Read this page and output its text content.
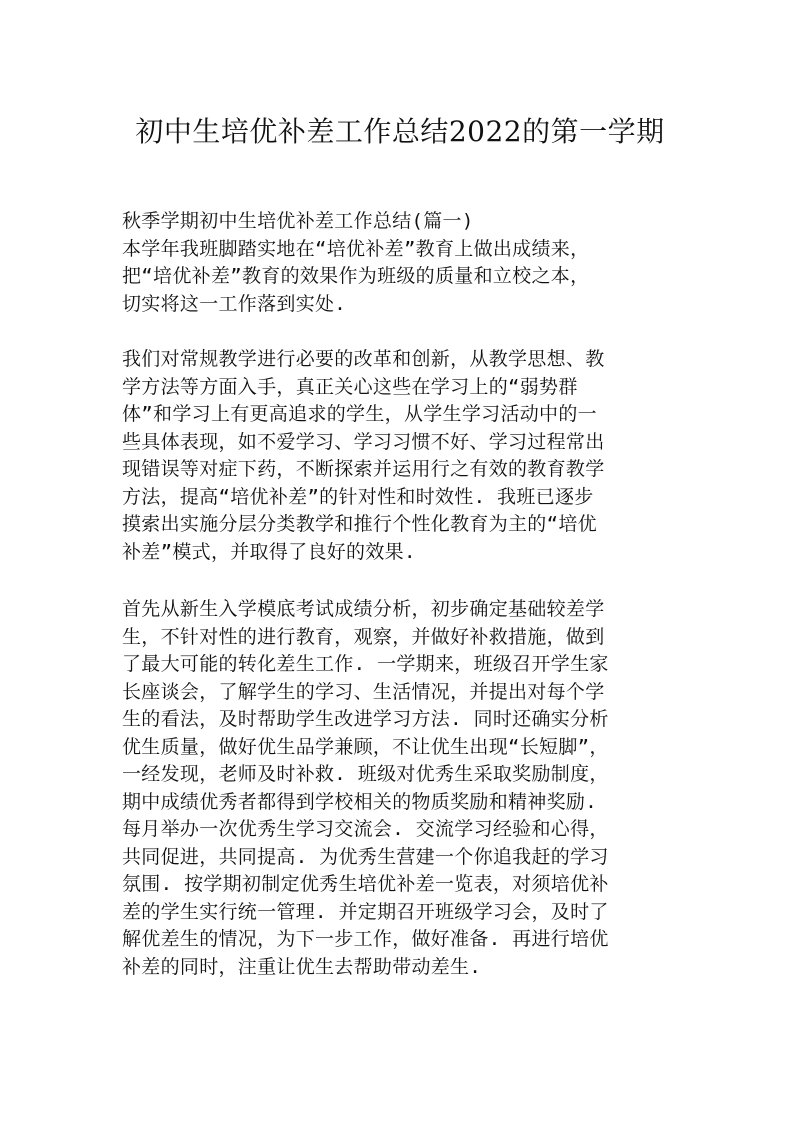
初中生培优补差工作总结2022的第一学期
秋季学期初中生培优补差工作总结(篇一)
本学年我班脚踏实地在“培优补差”教育上做出成绩来，
把“培优补差”教育的效果作为班级的质量和立校之本，
切实将这一工作落到实处.
我们对常规教学进行必要的改革和创新，从教学思想、教
学方法等方面入手，真正关心这些在学习上的“弱势群
体”和学习上有更高追求的学生，从学生学习活动中的一
些具体表现，如不爱学习、学习习惯不好、学习过程常出
现错误等对症下药，不断探索并运用行之有效的教育教学
方法，提高“培优补差”的针对性和时效性. 我班已逐步
摸索出实施分层分类教学和推行个性化教育为主的“培优
补差”模式，并取得了良好的效果.
首先从新生入学模底考试成绩分析，初步确定基础较差学
生，不针对性的进行教育，观察，并做好补救措施，做到
了最大可能的转化差生工作. 一学期来，班级召开学生家
长座谈会，了解学生的学习、生活情况，并提出对每个学
生的看法，及时帮助学生改进学习方法. 同时还确实分析
优生质量，做好优生品学兼顾，不让优生出现“长短脚”，
一经发现，老师及时补救. 班级对优秀生采取奖励制度，
期中成绩优秀者都得到学校相关的物质奖励和精神奖励.
每月举办一次优秀生学习交流会. 交流学习经验和心得，
共同促进，共同提高. 为优秀生营建一个你追我赶的学习
氛围. 按学期初制定优秀生培优补差一览表，对须培优补
差的学生实行统一管理. 并定期召开班级学习会，及时了
解优差生的情况，为下一步工作，做好准备. 再进行培优
补差的同时，注重让优生去帮助带动差生.
